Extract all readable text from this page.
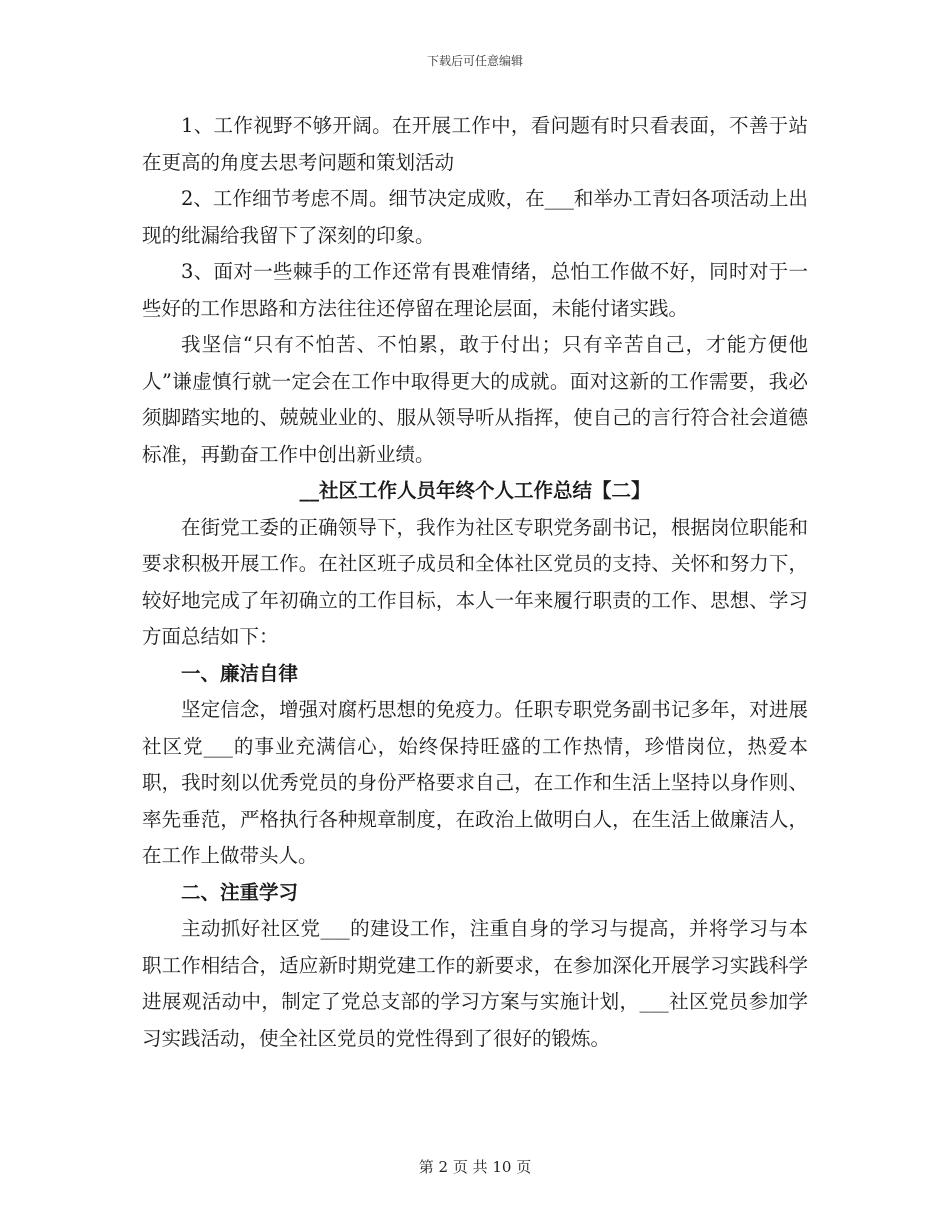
下载后可任意编辑

1、工作视野不够开阔。在开展工作中，看问题有时只看表面，不善于站在更高的角度去思考问题和策划活动

2、工作细节考虑不周。细节决定成败，在___和举办工青妇各项活动上出现的纰漏给我留下了深刻的印象。

3、面对一些棘手的工作还常有畏难情绪，总怕工作做不好，同时对于一些好的工作思路和方法往往还停留在理论层面，未能付诸实践。

我坚信“只有不怕苦、不怕累，敢于付出；只有辛苦自己，才能方便他人”谦虚慎行就一定会在工作中取得更大的成就。面对这新的工作需要，我必须脚踏实地的、兢兢业业的、服从领导听从指挥，使自己的言行符合社会道德标准，再勤奋工作中创出新业绩。

__社区工作人员年终个人工作总结【二】

在街党工委的正确领导下，我作为社区专职党务副书记，根据岗位职能和要求积极开展工作。在社区班子成员和全体社区党员的支持、关怀和努力下，较好地完成了年初确立的工作目标，本人一年来履行职责的工作、思想、学习方面总结如下：

一、廉洁自律

坚定信念，增强对腐朽思想的免疫力。任职专职党务副书记多年，对进展社区党___的事业充满信心，始终保持旺盛的工作热情，珍惜岗位，热爱本职，我时刻以优秀党员的身份严格要求自己，在工作和生活上坚持以身作则、率先垂范，严格执行各种规章制度，在政治上做明白人，在生活上做廉洁人，在工作上做带头人。

二、注重学习

主动抓好社区党___的建设工作，注重自身的学习与提高，并将学习与本职工作相结合，适应新时期党建工作的新要求，在参加深化开展学习实践科学进展观活动中，制定了党总支部的学习方案与实施计划，___社区党员参加学习实践活动，使全社区党员的党性得到了很好的锻炼。

第 2 页 共 10 页
